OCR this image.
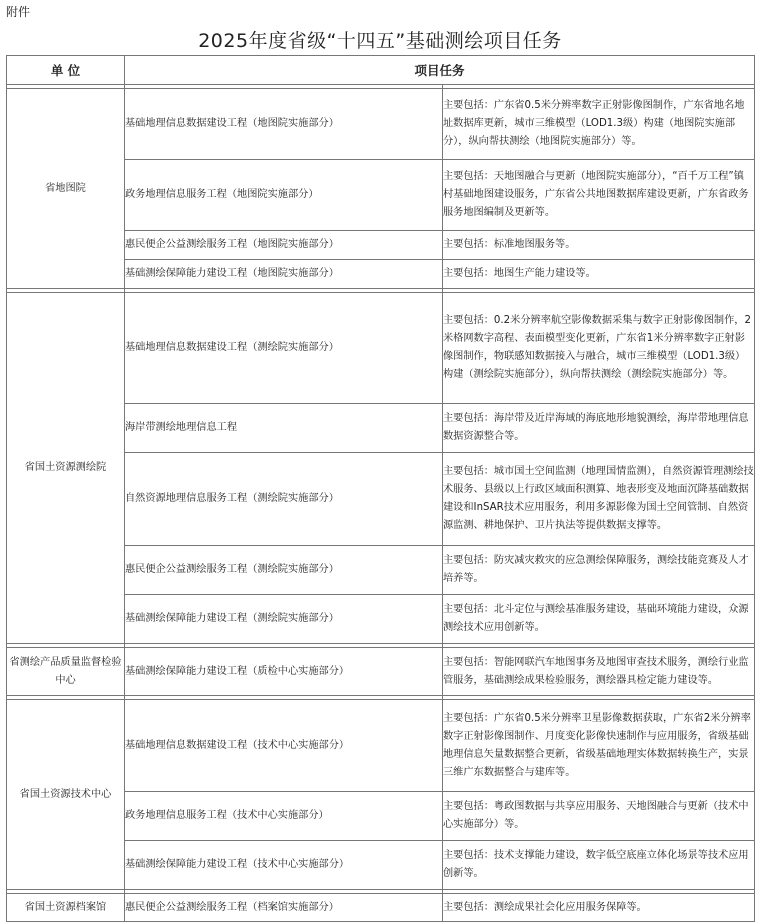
附件
2025年度省级“十四五”基础测绘项目任务
单 位	项目任务	

省地图院	基础地理信息数据建设工程（地图院实施部分）	主要包括：广东省0.5米分辨率数字正射影像图制作，广东省地名地址数据库更新，城市三维模型（LOD1.3级）构建（地图院实施部分），纵向帮扶测绘（地图院实施部分）等。
	政务地理信息服务工程（地图院实施部分）	主要包括：天地图融合与更新（地图院实施部分），“百千万工程”镇村基础地图建设服务，广东省公共地图数据库建设更新，广东省政务服务地图编制及更新等。
	惠民便企公益测绘服务工程（地图院实施部分）	主要包括：标准地图服务等。
	基础测绘保障能力建设工程（地图院实施部分）	主要包括：地图生产能力建设等。

省国土资源测绘院	基础地理信息数据建设工程（测绘院实施部分）	主要包括：0.2米分辨率航空影像数据采集与数字正射影像图制作，2米格网数字高程、表面模型变化更新，广东省1米分辨率数字正射影像图制作，物联感知数据接入与融合，城市三维模型（LOD1.3级）构建（测绘院实施部分），纵向帮扶测绘（测绘院实施部分）等。
	海岸带测绘地理信息工程	主要包括：海岸带及近岸海域的海底地形地貌测绘，海岸带地理信息数据资源整合等。
	自然资源地理信息服务工程（测绘院实施部分）	主要包括：城市国土空间监测（地理国情监测），自然资源管理测绘技术服务、县级以上行政区域面积测算、地表形变及地面沉降基础数据建设和InSAR技术应用服务，利用多源影像为国土空间管制、自然资源监测、耕地保护、卫片执法等提供数据支撑等。
	惠民便企公益测绘服务工程（测绘院实施部分）	主要包括：防灾减灾救灾的应急测绘保障服务，测绘技能竞赛及人才培养等。
	基础测绘保障能力建设工程（测绘院实施部分）	主要包括：北斗定位与测绘基准服务建设，基础环境能力建设，众源测绘技术应用创新等。

省测绘产品质量监督检验中心	基础测绘保障能力建设工程（质检中心实施部分）	主要包括：智能网联汽车地图事务及地图审查技术服务，测绘行业监管服务，基础测绘成果检验服务，测绘器具检定能力建设等。

省国土资源技术中心	基础地理信息数据建设工程（技术中心实施部分）	主要包括：广东省0.5米分辨率卫星影像数据获取，广东省2米分辨率数字正射影像图制作、月度变化影像快速制作与应用服务，省级基础地理信息矢量数据整合更新，省级基础地理实体数据转换生产，实景三维广东数据整合与建库等。
	政务地理信息服务工程（技术中心实施部分）	主要包括：粤政图数据与共享应用服务、天地图融合与更新（技术中心实施部分）等。
	基础测绘保障能力建设工程（技术中心实施部分）	主要包括：技术支撑能力建设，数字低空底座立体化场景等技术应用创新等。

省国土资源档案馆	惠民便企公益测绘服务工程（档案馆实施部分）	主要包括：测绘成果社会化应用服务保障等。
